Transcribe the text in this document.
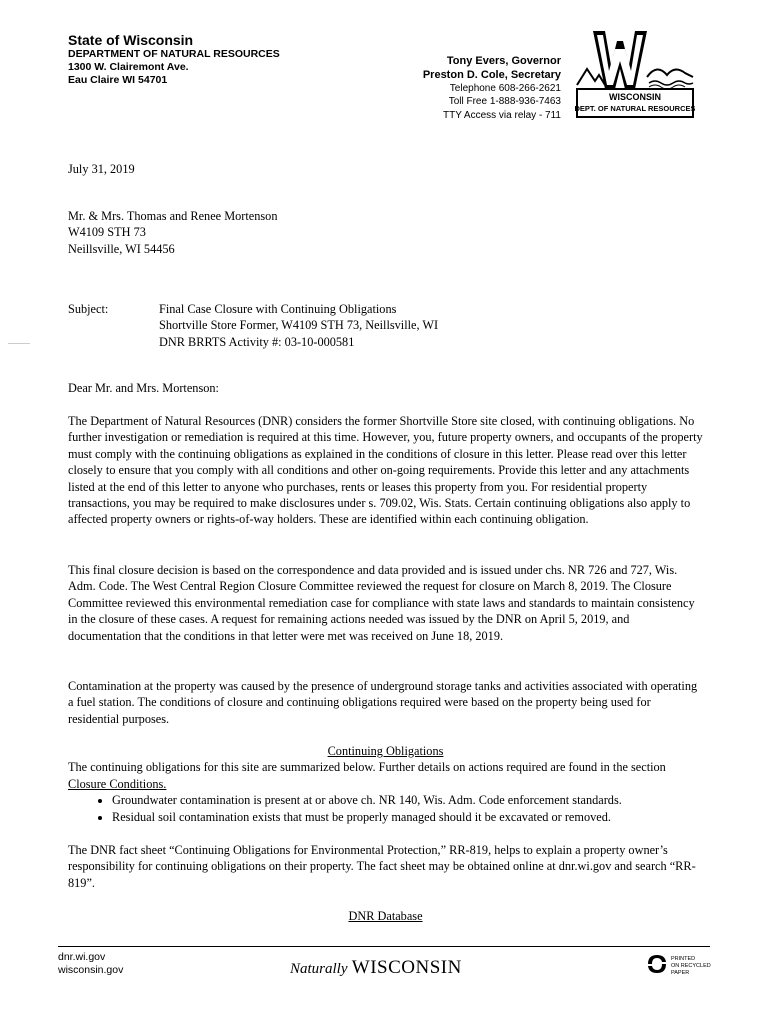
State of Wisconsin
DEPARTMENT OF NATURAL RESOURCES
1300 W. Clairemont Ave.
Eau Claire WI 54701
Tony Evers, Governor
Preston D. Cole, Secretary
Telephone 608-266-2621
Toll Free 1-888-936-7463
TTY Access via relay - 711
WISCONSIN
DEPT. OF NATURAL RESOURCES
July 31, 2019
Mr. & Mrs. Thomas and Renee Mortenson
W4109 STH 73
Neillsville, WI 54456
Subject:	Final Case Closure with Continuing Obligations
Shortville Store Former, W4109 STH 73, Neillsville, WI
DNR BRRTS Activity #: 03-10-000581
Dear Mr. and Mrs. Mortenson:

The Department of Natural Resources (DNR) considers the former Shortville Store site closed, with continuing obligations. No further investigation or remediation is required at this time. However, you, future property owners, and occupants of the property must comply with the continuing obligations as explained in the conditions of closure in this letter. Please read over this letter closely to ensure that you comply with all conditions and other on-going requirements. Provide this letter and any attachments listed at the end of this letter to anyone who purchases, rents or leases this property from you. For residential property transactions, you may be required to make disclosures under s. 709.02, Wis. Stats. Certain continuing obligations also apply to affected property owners or rights-of-way holders. These are identified within each continuing obligation.

This final closure decision is based on the correspondence and data provided and is issued under chs. NR 726 and 727, Wis. Adm. Code. The West Central Region Closure Committee reviewed the request for closure on March 8, 2019. The Closure Committee reviewed this environmental remediation case for compliance with state laws and standards to maintain consistency in the closure of these cases. A request for remaining actions needed was issued by the DNR on April 5, 2019, and documentation that the conditions in that letter were met was received on June 18, 2019.

Contamination at the property was caused by the presence of underground storage tanks and activities associated with operating a fuel station. The conditions of closure and continuing obligations required were based on the property being used for residential purposes.

Continuing Obligations

The continuing obligations for this site are summarized below. Further details on actions required are found in the section Closure Conditions.

• Groundwater contamination is present at or above ch. NR 140, Wis. Adm. Code enforcement standards.
• Residual soil contamination exists that must be properly managed should it be excavated or removed.

The DNR fact sheet “Continuing Obligations for Environmental Protection,” RR-819, helps to explain a property owner’s responsibility for continuing obligations on their property. The fact sheet may be obtained online at dnr.wi.gov and search “RR-819”.

DNR Database
dnr.wi.gov
wisconsin.gov	Naturally WISCONSIN	PRINTED
ON RECYCLED
PAPER
